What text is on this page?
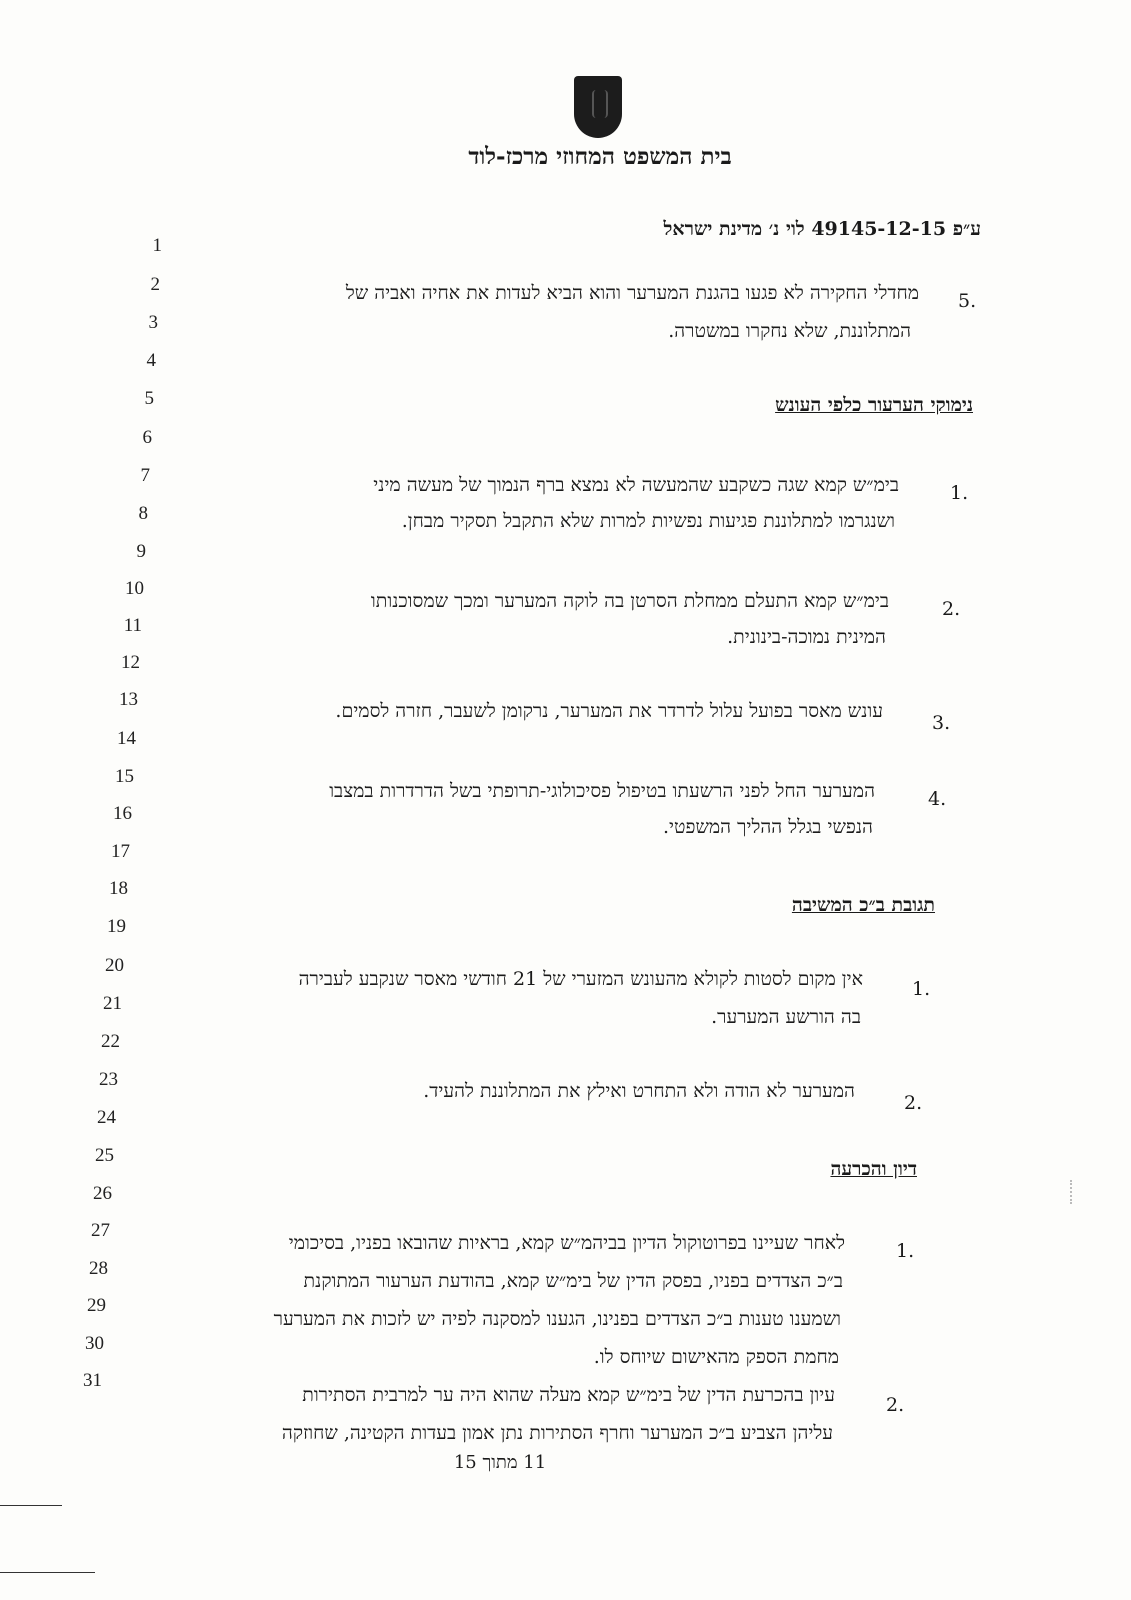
בית המשפט המחוזי מרכז-לוד
ע״פ 49145-12-15 לוי נ׳ מדינת ישראל
1
2
3
4
5
6
7
8
9
10
11
12
13
14
15
16
17
18
19
20
21
22
23
24
25
26
27
28
29
30
31
.5
מחדלי החקירה לא פגעו בהגנת המערער והוא הביא לעדות את אחיה ואביה של
המתלוננת, שלא נחקרו במשטרה.
נימוקי הערעור כלפי העונש
.1
בימ״ש קמא שגה כשקבע שהמעשה לא נמצא ברף הנמוך של מעשה מיני
ושנגרמו למתלוננת פגיעות נפשיות למרות שלא התקבל תסקיר מבחן.
.2
בימ״ש קמא התעלם ממחלת הסרטן בה לוקה המערער ומכך שמסוכנותו
המינית נמוכה-בינונית.
.3
עונש מאסר בפועל עלול לדרדר את המערער, נרקומן לשעבר, חזרה לסמים.
.4
המערער החל לפני הרשעתו בטיפול פסיכולוגי-תרופתי בשל הדרדרות במצבו
הנפשי בגלל ההליך המשפטי.
תגובת ב״כ המשיבה
.1
אין מקום לסטות לקולא מהעונש המזערי של 21 חודשי מאסר שנקבע לעבירה
בה הורשע המערער.
.2
המערער לא הודה ולא התחרט ואילץ את המתלוננת להעיד.
דיון והכרעה
.1
לאחר שעיינו בפרוטוקול הדיון בביהמ״ש קמא, בראיות שהובאו בפניו, בסיכומי
ב״כ הצדדים בפניו, בפסק הדין של בימ״ש קמא, בהודעת הערעור המתוקנת
ושמענו טענות ב״כ הצדדים בפנינו, הגענו למסקנה לפיה יש לזכות את המערער
מחמת הספק מהאישום שיוחס לו.
.2
עיון בהכרעת הדין של בימ״ש קמא מעלה שהוא היה ער למרבית הסתירות
עליהן הצביע ב״כ המערער וחרף הסתירות נתן אמון בעדות הקטינה, שחוזקה
11 מתוך 15
